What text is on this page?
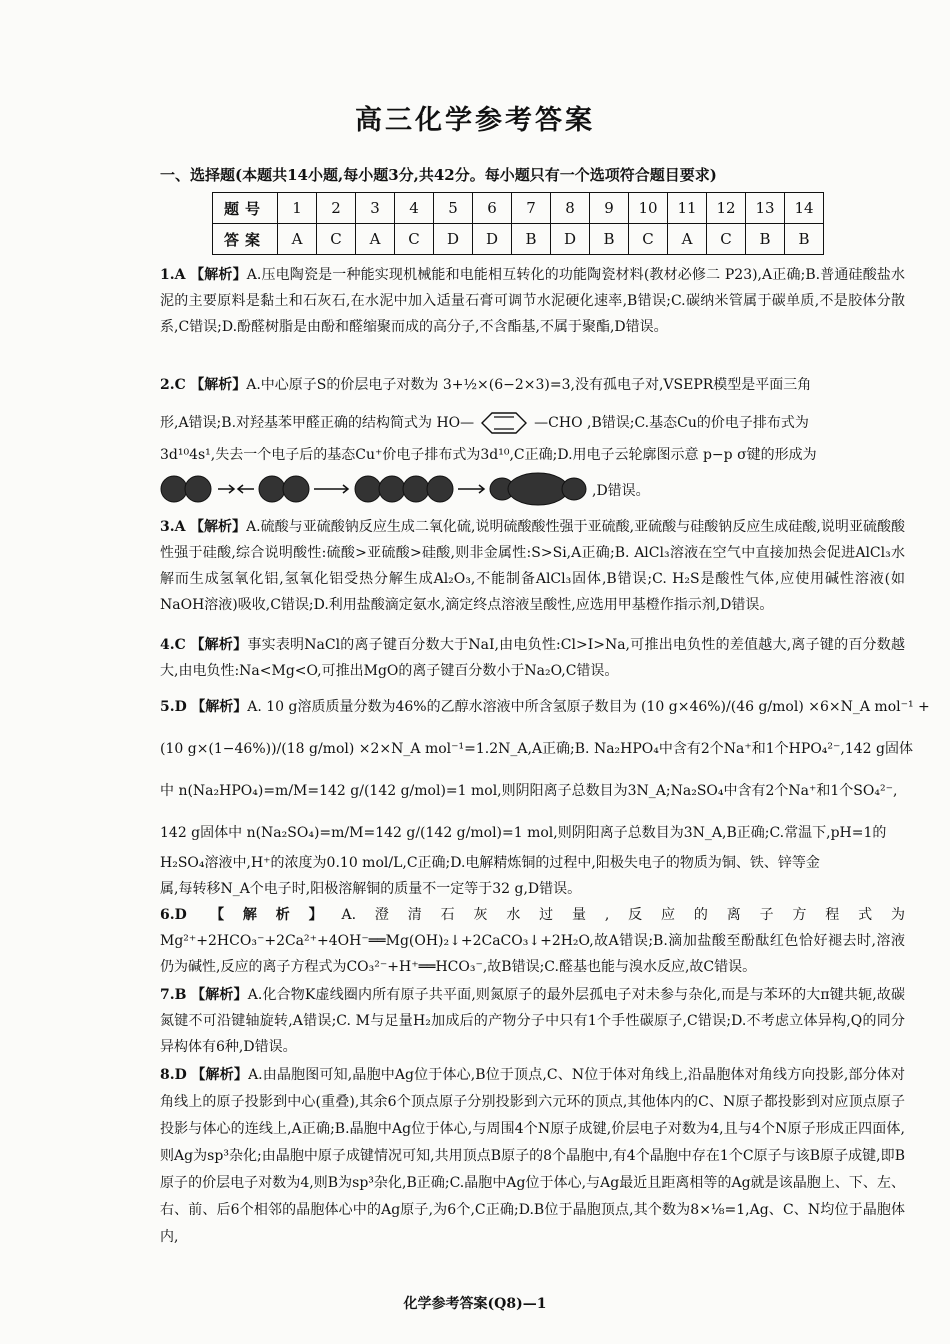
高三化学参考答案
一、选择题(本题共14小题,每小题3分,共42分。每小题只有一个选项符合题目要求)
题号	1	2	3	4	5	6	7	8	9	10	11	12	13	14
答案	A	C	A	C	D	D	B	D	B	C	A	C	B	B
1.A 【解析】A.压电陶瓷是一种能实现机械能和电能相互转化的功能陶瓷材料(教材必修二 P23),A正确;B.普通硅酸盐水泥的主要原料是黏土和石灰石,在水泥中加入适量石膏可调节水泥硬化速率,B错误;C.碳纳米管属于碳单质,不是胶体分散系,C错误;D.酚醛树脂是由酚和醛缩聚而成的高分子,不含酯基,不属于聚酯,D错误。
2.C 【解析】A.中心原子S的价层电子对数为 3+½×(6−2×3)=3,没有孤电子对,VSEPR模型是平面三角
形,A错误;B.对羟基苯甲醛正确的结构简式为 HO—	—CHO ,B错误;C.基态Cu的价电子排布式为
3d¹⁰4s¹,失去一个电子后的基态Cu⁺价电子排布式为3d¹⁰,C正确;D.用电子云轮廓图示意 p−p σ键的形成为
,D错误。
3.A 【解析】A.硫酸与亚硫酸钠反应生成二氧化硫,说明硫酸酸性强于亚硫酸,亚硫酸与硅酸钠反应生成硅酸,说明亚硫酸酸性强于硅酸,综合说明酸性:硫酸>亚硫酸>硅酸,则非金属性:S>Si,A正确;B. AlCl₃溶液在空气中直接加热会促进AlCl₃水解而生成氢氧化铝,氢氧化铝受热分解生成Al₂O₃,不能制备AlCl₃固体,B错误;C. H₂S是酸性气体,应使用碱性溶液(如NaOH溶液)吸收,C错误;D.利用盐酸滴定氨水,滴定终点溶液呈酸性,应选用甲基橙作指示剂,D错误。
4.C 【解析】事实表明NaCl的离子键百分数大于NaI,由电负性:Cl>I>Na,可推出电负性的差值越大,离子键的百分数越大,由电负性:Na<Mg<O,可推出MgO的离子键百分数小于Na₂O,C错误。
5.D 【解析】A. 10 g溶质质量分数为46%的乙醇水溶液中所含氢原子数目为 (10 g×46%)/(46 g/mol) ×6×N_A mol⁻¹ +
(10 g×(1−46%))/(18 g/mol) ×2×N_A mol⁻¹=1.2N_A,A正确;B. Na₂HPO₄中含有2个Na⁺和1个HPO₄²⁻,142 g固体
中 n(Na₂HPO₄)=m/M=142 g/(142 g/mol)=1 mol,则阴阳离子总数目为3N_A;Na₂SO₄中含有2个Na⁺和1个SO₄²⁻,
142 g固体中 n(Na₂SO₄)=m/M=142 g/(142 g/mol)=1 mol,则阴阳离子总数目为3N_A,B正确;C.常温下,pH=1的
H₂SO₄溶液中,H⁺的浓度为0.10 mol/L,C正确;D.电解精炼铜的过程中,阳极失电子的物质为铜、铁、锌等金
属,每转移N_A个电子时,阳极溶解铜的质量不一定等于32 g,D错误。
6.D 【解析】A.澄清石灰水过量,反应的离子方程式为Mg²⁺+2HCO₃⁻+2Ca²⁺+4OH⁻══Mg(OH)₂↓+2CaCO₃↓+2H₂O,故A错误;B.滴加盐酸至酚酞红色恰好褪去时,溶液仍为碱性,反应的离子方程式为CO₃²⁻+H⁺══HCO₃⁻,故B错误;C.醛基也能与溴水反应,故C错误。
7.B 【解析】A.化合物K虚线圈内所有原子共平面,则氮原子的最外层孤电子对未参与杂化,而是与苯环的大π键共轭,故碳氮键不可沿键轴旋转,A错误;C. M与足量H₂加成后的产物分子中只有1个手性碳原子,C错误;D.不考虑立体异构,Q的同分异构体有6种,D错误。
8.D 【解析】A.由晶胞图可知,晶胞中Ag位于体心,B位于顶点,C、N位于体对角线上,沿晶胞体对角线方向投影,部分体对角线上的原子投影到中心(重叠),其余6个顶点原子分别投影到六元环的顶点,其他体内的C、N原子都投影到对应顶点原子投影与体心的连线上,A正确;B.晶胞中Ag位于体心,与周围4个N原子成键,价层电子对数为4,且与4个N原子形成正四面体,则Ag为sp³杂化;由晶胞中原子成键情况可知,共用顶点B原子的8个晶胞中,有4个晶胞中存在1个C原子与该B原子成键,即B原子的价层电子对数为4,则B为sp³杂化,B正确;C.晶胞中Ag位于体心,与Ag最近且距离相等的Ag就是该晶胞上、下、左、右、前、后6个相邻的晶胞体心中的Ag原子,为6个,C正确;D.B位于晶胞顶点,其个数为8×⅛=1,Ag、C、N均位于晶胞体内,
化学参考答案(Q8)—1
